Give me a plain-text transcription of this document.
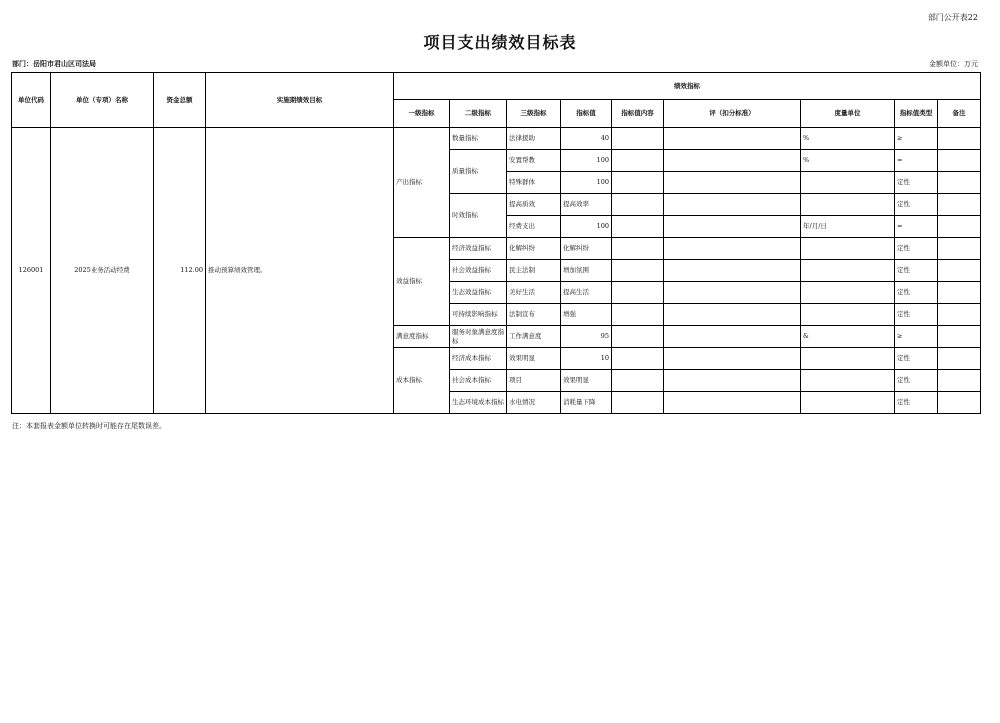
部门公开表22
项目支出绩效目标表
部门：岳阳市君山区司法局	金额单位：万元
单位代码	单位（专项）名称	资金总额	实施期绩效目标	绩效指标								
				一级指标	二级指标	三级指标	指标值	指标值内容	评（扣分标准）	度量单位	指标值类型	备注
126001	2025业务活动经费	112.00	推动预算绩效管理。	产出指标	数量指标	法律援助	40			%	≥	
					质量指标	安置帮教	100			%	=	
						特殊群体	100				定性	
					时效指标	提高质效	提高效率				定性	
						经费支出	100			年/月/日	=	
				效益指标	经济效益指标	化解纠纷	化解纠纷				定性	
					社会效益指标	民主法制	增加氛围				定性	
					生态效益指标	美好生活	提高生活				定性	
					可持续影响指标	法制宣布	增强				定性	
				满意度指标	服务对象满意度指标	工作满意度	95			&	≥	
				成本指标	经济成本指标	效果明显	10				定性	
					社会成本指标	项目	效果明显				定性	
					生态环境成本指标	水电情况	消耗量下降				定性	
注：本套报表金额单位转换时可能存在尾数误差。
